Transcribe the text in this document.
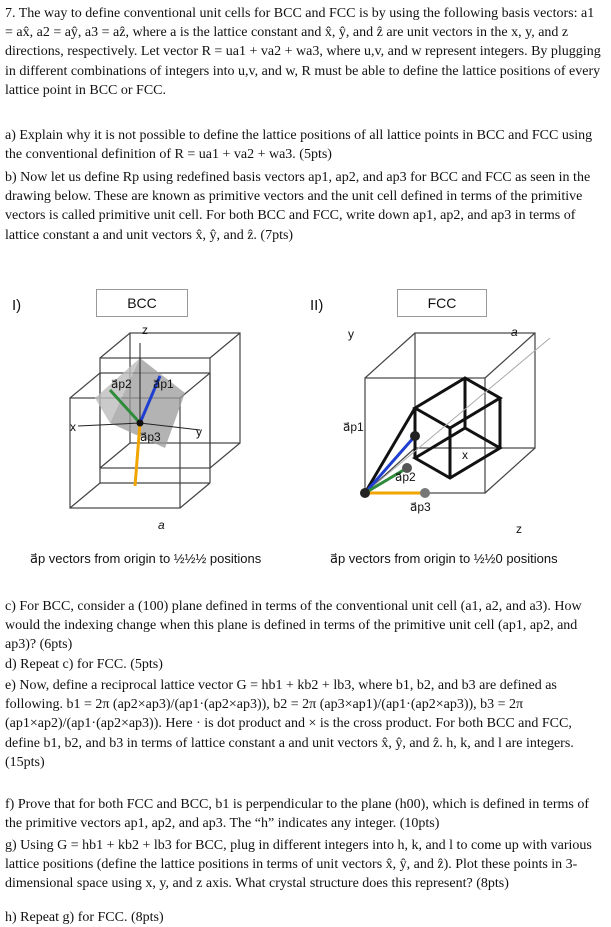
7. The way to define conventional unit cells for BCC and FCC is by using the following basis vectors: a1 = ax̂, a2 = aŷ, a3 = aẑ, where a is the lattice constant and x̂, ŷ, and ẑ are unit vectors in the x, y, and z directions, respectively. Let vector R = ua1 + va2 + wa3, where u,v, and w represent integers. By plugging in different combinations of integers into u,v, and w, R must be able to define the lattice positions of every lattice point in BCC or FCC.

a) Explain why it is not possible to define the lattice positions of all lattice points in BCC and FCC using the conventional definition of R = ua1 + va2 + wa3. (5pts)

b) Now let us define Rp using redefined basis vectors ap1, ap2, and ap3 for BCC and FCC as seen in the drawing below. These are known as primitive vectors and the unit cell defined in terms of the primitive vectors is called primitive unit cell. For both BCC and FCC, write down ap1, ap2, and ap3 in terms of lattice constant a and unit vectors x̂, ŷ, and ẑ. (7pts)

I)	BCC
z
x	y
a⃗p2 a⃗p1
a⃗p3
a
a⃗p vectors from origin to ½½½ positions
II)	FCC
y	a
x
z
a⃗p1
a⃗p2
a⃗p3
a⃗p vectors from origin to ½½0 positions

c) For BCC, consider a (100) plane defined in terms of the conventional unit cell (a1, a2, and a3). How would the indexing change when this plane is defined in terms of the primitive unit cell (ap1, ap2, and ap3)? (6pts)

d) Repeat c) for FCC. (5pts)

e) Now, define a reciprocal lattice vector G = hb1 + kb2 + lb3, where b1, b2, and b3 are defined as following. b1 = 2π (ap2×ap3)/(ap1·(ap2×ap3)), b2 = 2π (ap3×ap1)/(ap1·(ap2×ap3)), b3 = 2π (ap1×ap2)/(ap1·(ap2×ap3)). Here · is dot product and × is the cross product. For both BCC and FCC, define b1, b2, and b3 in terms of lattice constant a and unit vectors x̂, ŷ, and ẑ. h, k, and l are integers. (15pts)

f) Prove that for both FCC and BCC, b1 is perpendicular to the plane (h00), which is defined in terms of the primitive vectors ap1, ap2, and ap3. The “h” indicates any integer. (10pts)

g) Using G = hb1 + kb2 + lb3 for BCC, plug in different integers into h, k, and l to come up with various lattice positions (define the lattice positions in terms of unit vectors x̂, ŷ, and ẑ). Plot these points in 3-dimensional space using x, y, and z axis. What crystal structure does this represent? (8pts)

h) Repeat g) for FCC. (8pts)
